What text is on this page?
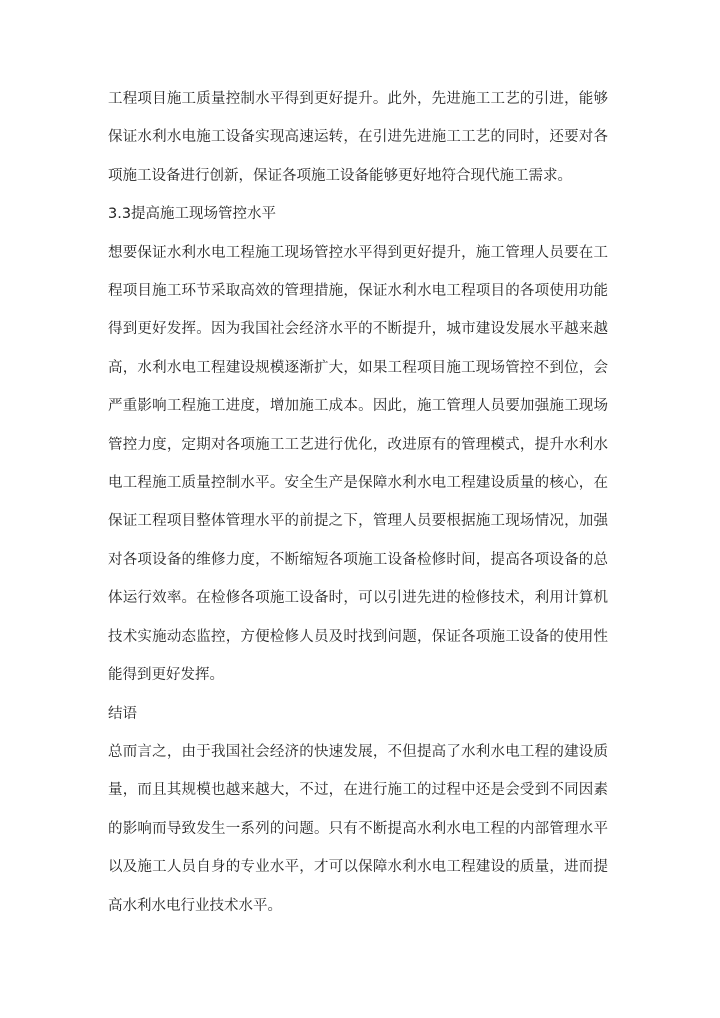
工程项目施工质量控制水平得到更好提升。此外，先进施工工艺的引进，能够
保证水利水电施工设备实现高速运转，在引进先进施工工艺的同时，还要对各
项施工设备进行创新，保证各项施工设备能够更好地符合现代施工需求。
3.3提高施工现场管控水平
想要保证水利水电工程施工现场管控水平得到更好提升，施工管理人员要在工
程项目施工环节采取高效的管理措施，保证水利水电工程项目的各项使用功能
得到更好发挥。因为我国社会经济水平的不断提升，城市建设发展水平越来越
高，水利水电工程建设规模逐渐扩大，如果工程项目施工现场管控不到位，会
严重影响工程施工进度，增加施工成本。因此，施工管理人员要加强施工现场
管控力度，定期对各项施工工艺进行优化，改进原有的管理模式，提升水利水
电工程施工质量控制水平。安全生产是保障水利水电工程建设质量的核心，在
保证工程项目整体管理水平的前提之下，管理人员要根据施工现场情况，加强
对各项设备的维修力度，不断缩短各项施工设备检修时间，提高各项设备的总
体运行效率。在检修各项施工设备时，可以引进先进的检修技术，利用计算机
技术实施动态监控，方便检修人员及时找到问题，保证各项施工设备的使用性
能得到更好发挥。
结语
总而言之，由于我国社会经济的快速发展，不但提高了水利水电工程的建设质
量，而且其规模也越来越大，不过，在进行施工的过程中还是会受到不同因素
的影响而导致发生一系列的问题。只有不断提高水利水电工程的内部管理水平
以及施工人员自身的专业水平，才可以保障水利水电工程建设的质量，进而提
高水利水电行业技术水平。
